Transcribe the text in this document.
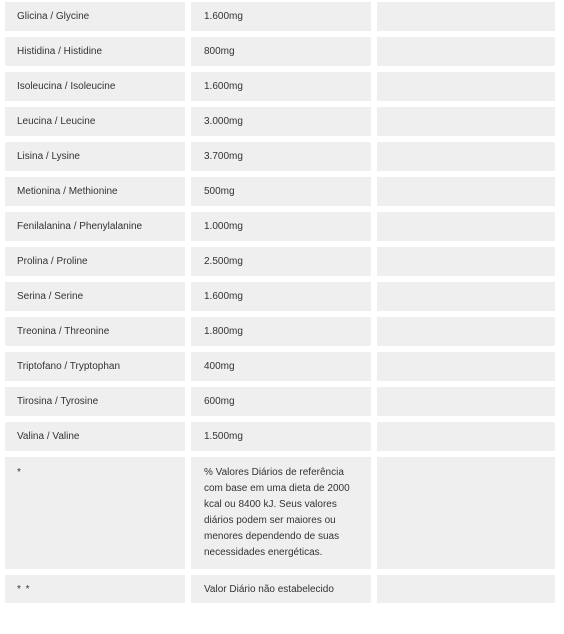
Glicina / Glycine	1.600mg
Histidina / Histidine	800mg
Isoleucina / Isoleucine	1.600mg
Leucina / Leucine	3.000mg
Lisina / Lysine	3.700mg
Metionina / Methionine	500mg
Fenilalanina / Phenylalanine	1.000mg
Prolina / Proline	2.500mg
Serina / Serine	1.600mg
Treonina / Threonine	1.800mg
Triptofano / Tryptophan	400mg
Tirosina / Tyrosine	600mg
Valina / Valine	1.500mg
*	% Valores Diários de referência com base em uma dieta de 2000 kcal ou 8400 kJ. Seus valores diários podem ser maiores ou menores dependendo de suas necessidades energéticas.
* *	Valor Diário não estabelecido
